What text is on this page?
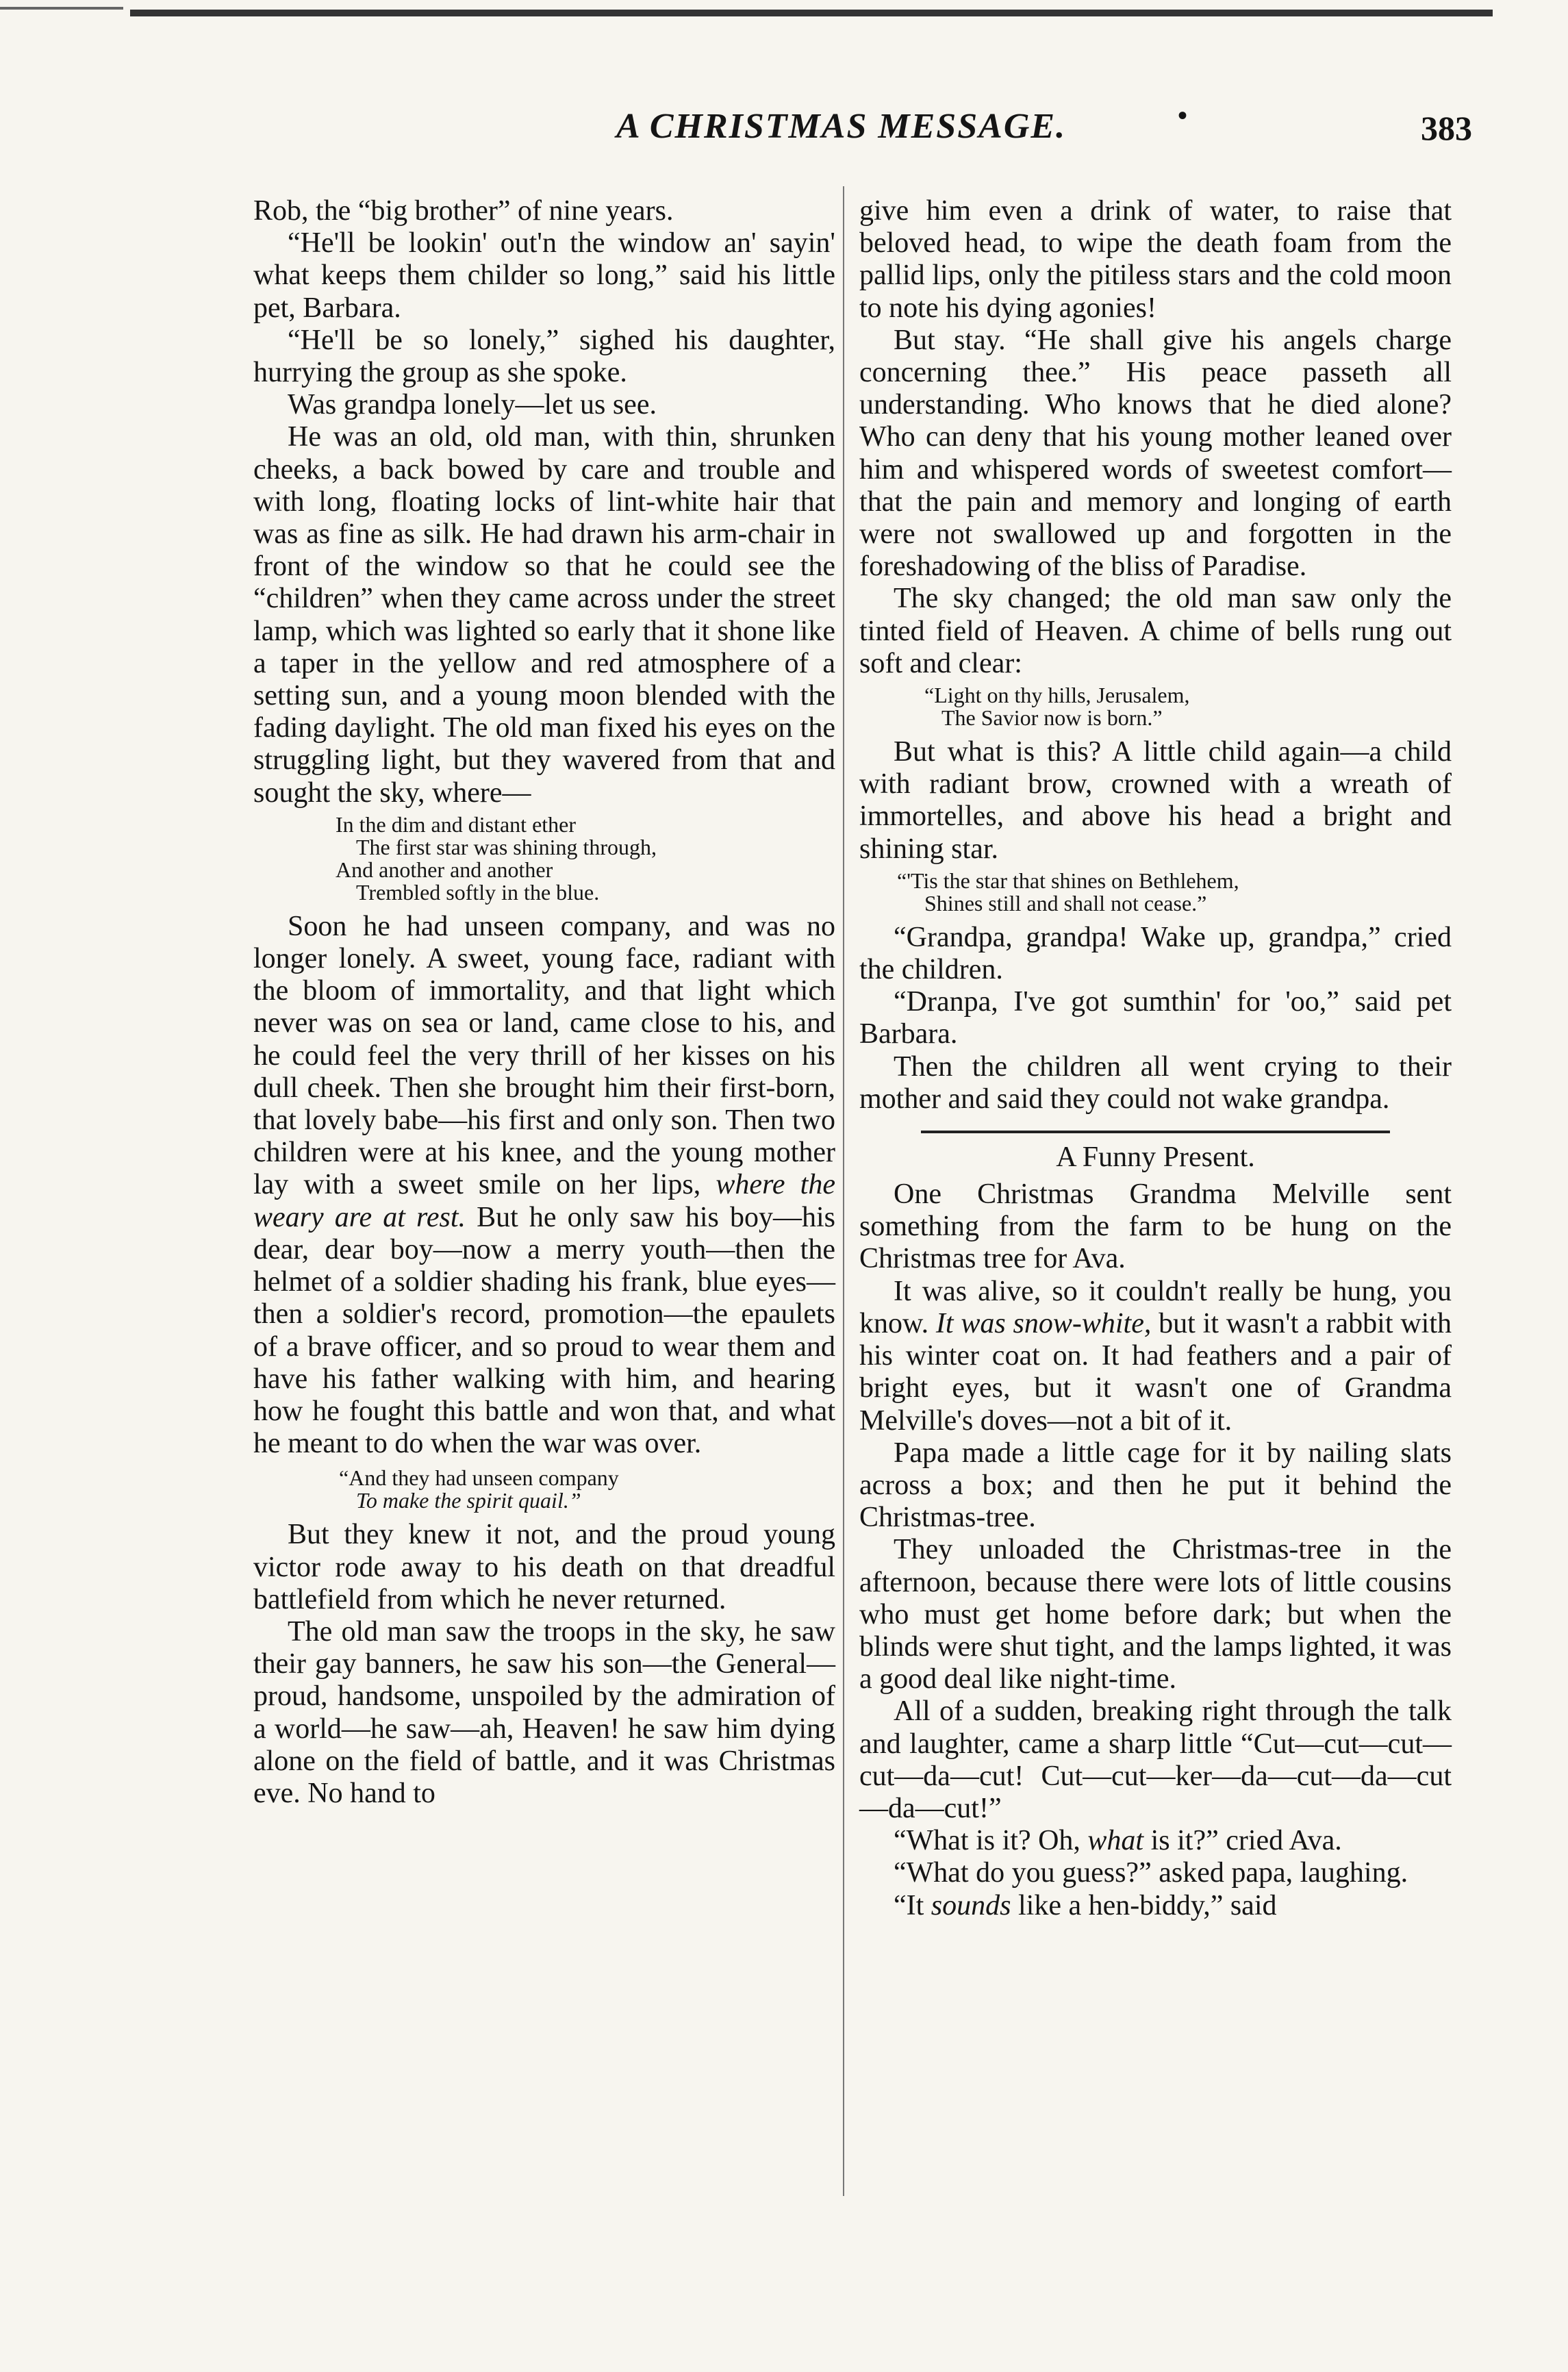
A CHRISTMAS MESSAGE.	•	383

Rob, the “big brother” of nine years.

“He'll be lookin' out'n the window an' sayin' what keeps them childer so long,” said his little pet, Barbara.

“He'll be so lonely,” sighed his daughter, hurrying the group as she spoke.

Was grandpa lonely—let us see.

He was an old, old man, with thin, shrunken cheeks, a back bowed by care and trouble and with long, floating locks of lint-white hair that was as fine as silk. He had drawn his arm-chair in front of the window so that he could see the “children” when they came across under the street lamp, which was lighted so early that it shone like a taper in the yellow and red atmosphere of a setting sun, and a young moon blended with the fading daylight. The old man fixed his eyes on the struggling light, but they wavered from that and sought the sky, where—

In the dim and distant ether
The first star was shining through,
And another and another
Trembled softly in the blue.

Soon he had unseen company, and was no longer lonely. A sweet, young face, radiant with the bloom of immortality, and that light which never was on sea or land, came close to his, and he could feel the very thrill of her kisses on his dull cheek. Then she brought him their first-born, that lovely babe—his first and only son. Then two children were at his knee, and the young mother lay with a sweet smile on her lips, where the weary are at rest. But he only saw his boy—his dear, dear boy—now a merry youth—then the helmet of a soldier shading his frank, blue eyes—then a soldier's record, promotion—the epaulets of a brave officer, and so proud to wear them and have his father walking with him, and hearing how he fought this battle and won that, and what he meant to do when the war was over.

“And they had unseen company
To make the spirit quail.”

But they knew it not, and the proud young victor rode away to his death on that dreadful battlefield from which he never returned.

The old man saw the troops in the sky, he saw their gay banners, he saw his son—the General—proud, handsome, unspoiled by the admiration of a world—he saw—ah, Heaven! he saw him dying alone on the field of battle, and it was Christmas eve. No hand to

give him even a drink of water, to raise that beloved head, to wipe the death foam from the pallid lips, only the pitiless stars and the cold moon to note his dying agonies!

But stay. “He shall give his angels charge concerning thee.” His peace passeth all understanding. Who knows that he died alone? Who can deny that his young mother leaned over him and whispered words of sweetest comfort—that the pain and memory and longing of earth were not swallowed up and forgotten in the foreshadowing of the bliss of Paradise.

The sky changed; the old man saw only the tinted field of Heaven. A chime of bells rung out soft and clear:

“Light on thy hills, Jerusalem,
The Savior now is born.”

But what is this? A little child again—a child with radiant brow, crowned with a wreath of immortelles, and above his head a bright and shining star.

“'Tis the star that shines on Bethlehem,
Shines still and shall not cease.”

“Grandpa, grandpa! Wake up, grandpa,” cried the children.

“Dranpa, I've got sumthin' for 'oo,” said pet Barbara.

Then the children all went crying to their mother and said they could not wake grandpa.

A Funny Present.

One Christmas Grandma Melville sent something from the farm to be hung on the Christmas tree for Ava.

It was alive, so it couldn't really be hung, you know. It was snow-white, but it wasn't a rabbit with his winter coat on. It had feathers and a pair of bright eyes, but it wasn't one of Grandma Melville's doves—not a bit of it.

Papa made a little cage for it by nailing slats across a box; and then he put it behind the Christmas-tree.

They unloaded the Christmas-tree in the afternoon, because there were lots of little cousins who must get home before dark; but when the blinds were shut tight, and the lamps lighted, it was a good deal like night-time.

All of a sudden, breaking right through the talk and laughter, came a sharp little “Cut—cut—cut—cut—da—cut! Cut—cut—ker—da—cut—da—cut—da—cut!”

“What is it? Oh, what is it?” cried Ava.

“What do you guess?” asked papa, laughing.

“It sounds like a hen-biddy,” said
